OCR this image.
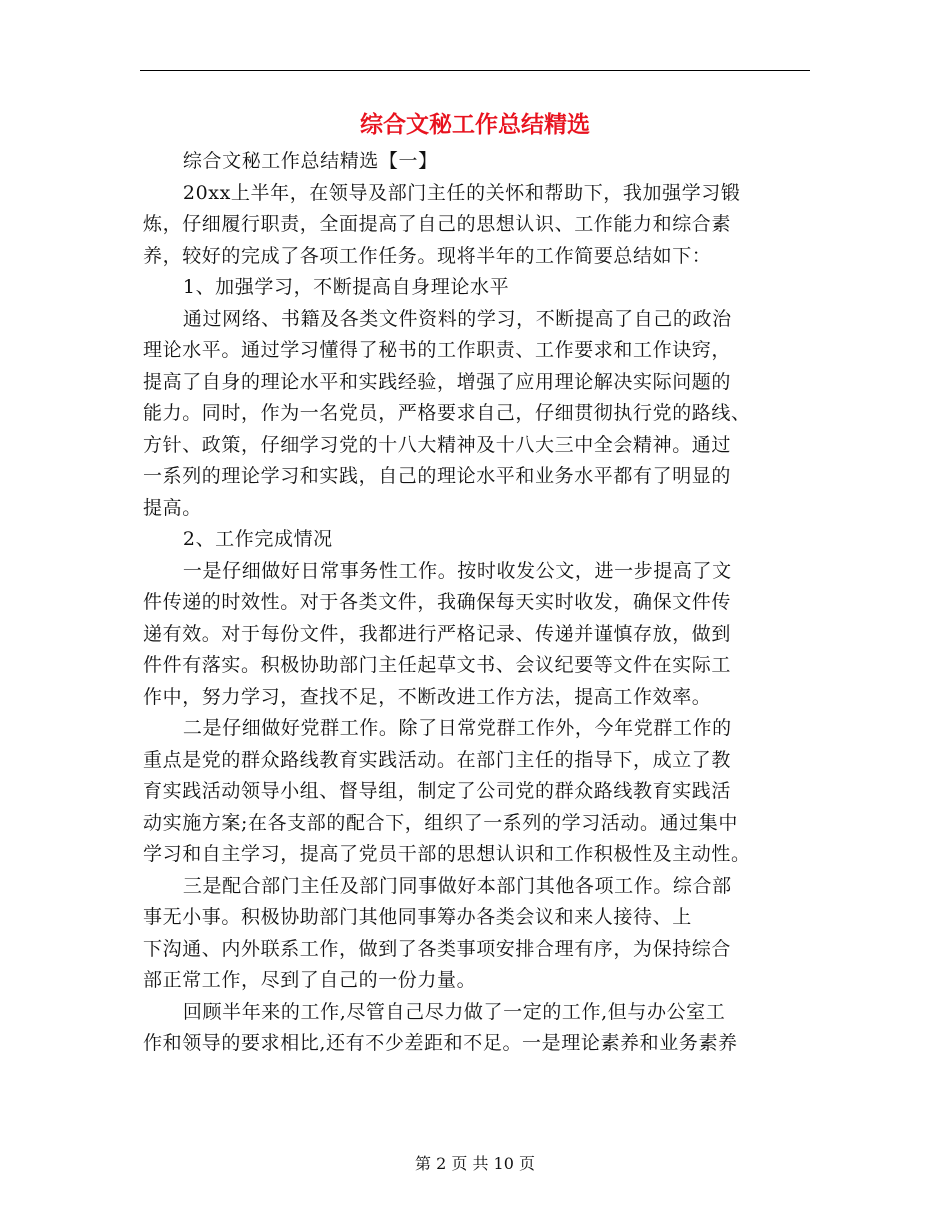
综合文秘工作总结精选

综合文秘工作总结精选【一】

20xx上半年，在领导及部门主任的关怀和帮助下，我加强学习锻
炼，仔细履行职责，全面提高了自己的思想认识、工作能力和综合素
养，较好的完成了各项工作任务。现将半年的工作简要总结如下：

1、加强学习，不断提高自身理论水平

通过网络、书籍及各类文件资料的学习，不断提高了自己的政治
理论水平。通过学习懂得了秘书的工作职责、工作要求和工作诀窍，
提高了自身的理论水平和实践经验，增强了应用理论解决实际问题的
能力。同时，作为一名党员，严格要求自己，仔细贯彻执行党的路线、
方针、政策，仔细学习党的十八大精神及十八大三中全会精神。通过
一系列的理论学习和实践，自己的理论水平和业务水平都有了明显的
提高。

2、工作完成情况

一是仔细做好日常事务性工作。按时收发公文，进一步提高了文
件传递的时效性。对于各类文件，我确保每天实时收发，确保文件传
递有效。对于每份文件，我都进行严格记录、传递并谨慎存放，做到
件件有落实。积极协助部门主任起草文书、会议纪要等文件在实际工
作中，努力学习，查找不足，不断改进工作方法，提高工作效率。

二是仔细做好党群工作。除了日常党群工作外，今年党群工作的
重点是党的群众路线教育实践活动。在部门主任的指导下，成立了教
育实践活动领导小组、督导组，制定了公司党的群众路线教育实践活
动实施方案;在各支部的配合下，组织了一系列的学习活动。通过集中
学习和自主学习，提高了党员干部的思想认识和工作积极性及主动性。

三是配合部门主任及部门同事做好本部门其他各项工作。综合部
事无小事。积极协助部门其他同事筹办各类会议和来人接待、上
下沟通、内外联系工作，做到了各类事项安排合理有序，为保持综合
部正常工作，尽到了自己的一份力量。

回顾半年来的工作,尽管自己尽力做了一定的工作,但与办公室工
作和领导的要求相比,还有不少差距和不足。一是理论素养和业务素养

第 2 页 共 10 页
